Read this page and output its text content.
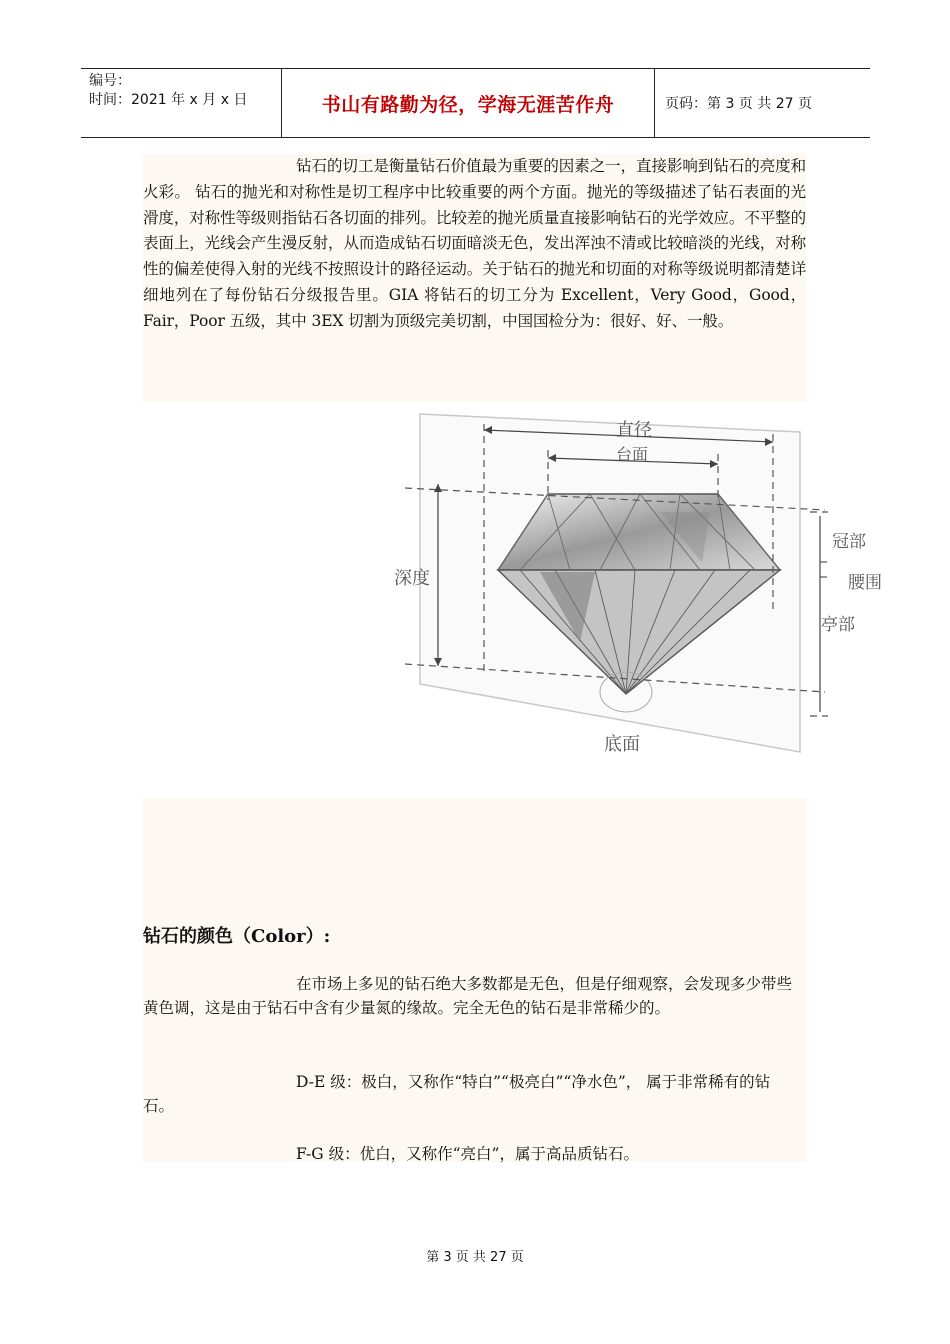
编号：
时间：2021 年 x 月 x 日	书山有路勤为径，学海无涯苦作舟	页码：第 3 页 共 27 页

钻石的切工是衡量钻石价值最为重要的因素之一，直接影响到钻石的亮度和火彩。 钻石的抛光和对称性是切工程序中比较重要的两个方面。抛光的等级描述了钻石表面的光滑度，对称性等级则指钻石各切面的排列。比较差的抛光质量直接影响钻石的光学效应。不平整的表面上，光线会产生漫反射，从而造成钻石切面暗淡无色，发出浑浊不清或比较暗淡的光线，对称性的偏差使得入射的光线不按照设计的路径运动。关于钻石的抛光和切面的对称等级说明都清楚详细地列在了每份钻石分级报告里。GIA 将钻石的切工分为 Excellent，Very Good，Good，Fair，Poor 五级，其中 3EX 切割为顶级完美切割，中国国检分为：很好、好、一般。

直径
台面
深度
冠部
腰围
亭部
底面
钻石的颜色（Color）:

在市场上多见的钻石绝大多数都是无色，但是仔细观察，会发现多少带些黄色调，这是由于钻石中含有少量氮的缘故。完全无色的钻石是非常稀少的。

D-E 级：极白，又称作“特白”“极亮白”“净水色”， 属于非常稀有的钻石。

F-G 级：优白，又称作“亮白”，属于高品质钻石。

第 3 页 共 27 页
